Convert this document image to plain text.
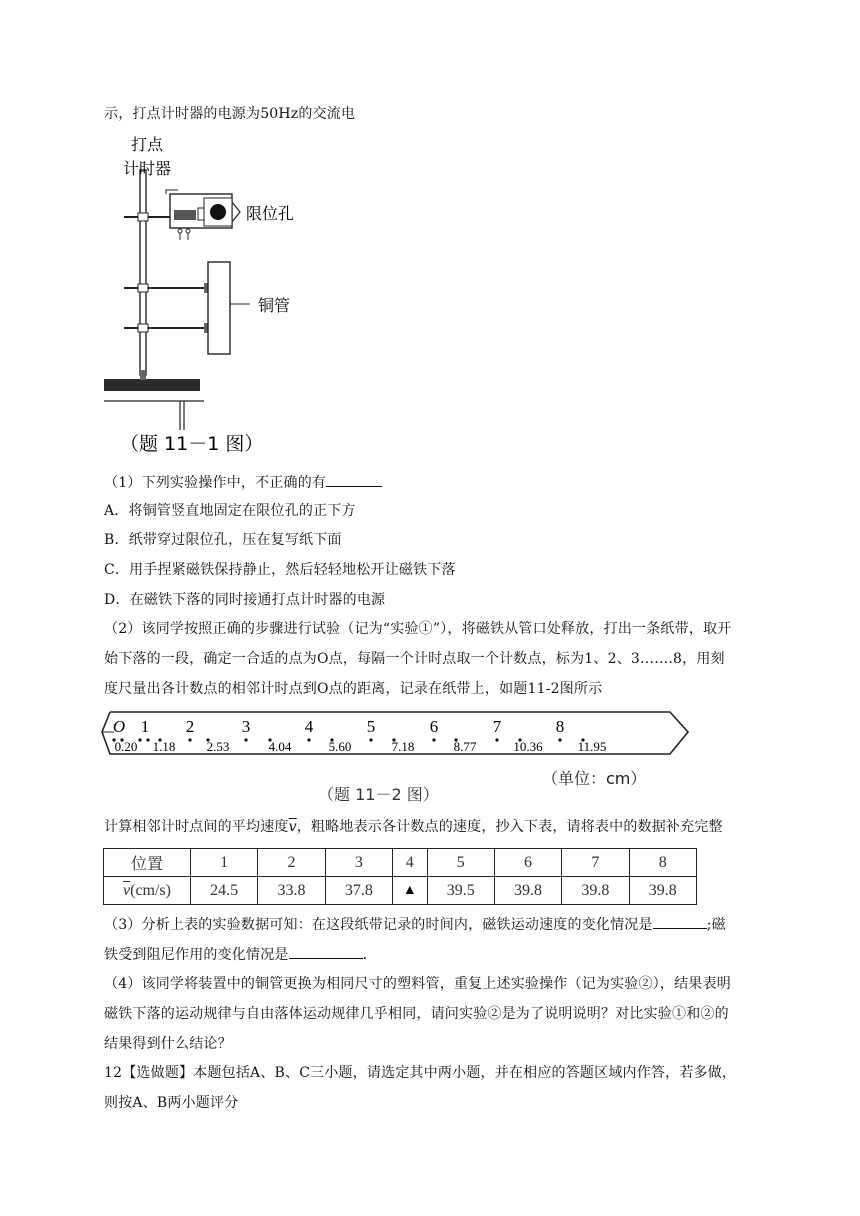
示，打点计时器的电源为50Hz的交流电
打点
计时器
限位孔
铜管
（题 11－1 图）
（1）下列实验操作中，不正确的有
A．将铜管竖直地固定在限位孔的正下方
B．纸带穿过限位孔，压在复写纸下面
C．用手捏紧磁铁保持静止，然后轻轻地松开让磁铁下落
D．在磁铁下落的同时接通打点计时器的电源
（2）该同学按照正确的步骤进行试验（记为“实验①”），将磁铁从管口处释放，打出一条纸带，取开
始下落的一段，确定一合适的点为O点，每隔一个计时点取一个计数点，标为1、2、3…….8，用刻
度尺量出各计数点的相邻计时点到O点的距离，记录在纸带上，如题11-2图所示
O 1 2	3	4	5	6	7	8
0.20 1.18 2.53	4.04	5.60	7.18	8.77	10.36	11.95
（单位：cm）
（题 11－2 图）
计算相邻计时点间的平均速度$\overline{v}$，粗略地表示各计数点的速度，抄入下表，请将表中的数据补充完整
位置	1	2	3	4	5	6	7	8
$\overline{v}(cm/s)$	24.5	33.8	37.8	▲	39.5	39.8	39.8	39.8
（3）分析上表的实验数据可知：在这段纸带记录的时间内，磁铁运动速度的变化情况是	;磁
铁受到阻尼作用的变化情况是	.
（4）该同学将装置中的铜管更换为相同尺寸的塑料管，重复上述实验操作（记为实验②），结果表明
磁铁下落的运动规律与自由落体运动规律几乎相同，请问实验②是为了说明说明？对比实验①和②的
结果得到什么结论？
12【选做题】本题包括A、B、C三小题，请选定其中两小题，并在相应的答题区域内作答，若多做，
则按A、B两小题评分
